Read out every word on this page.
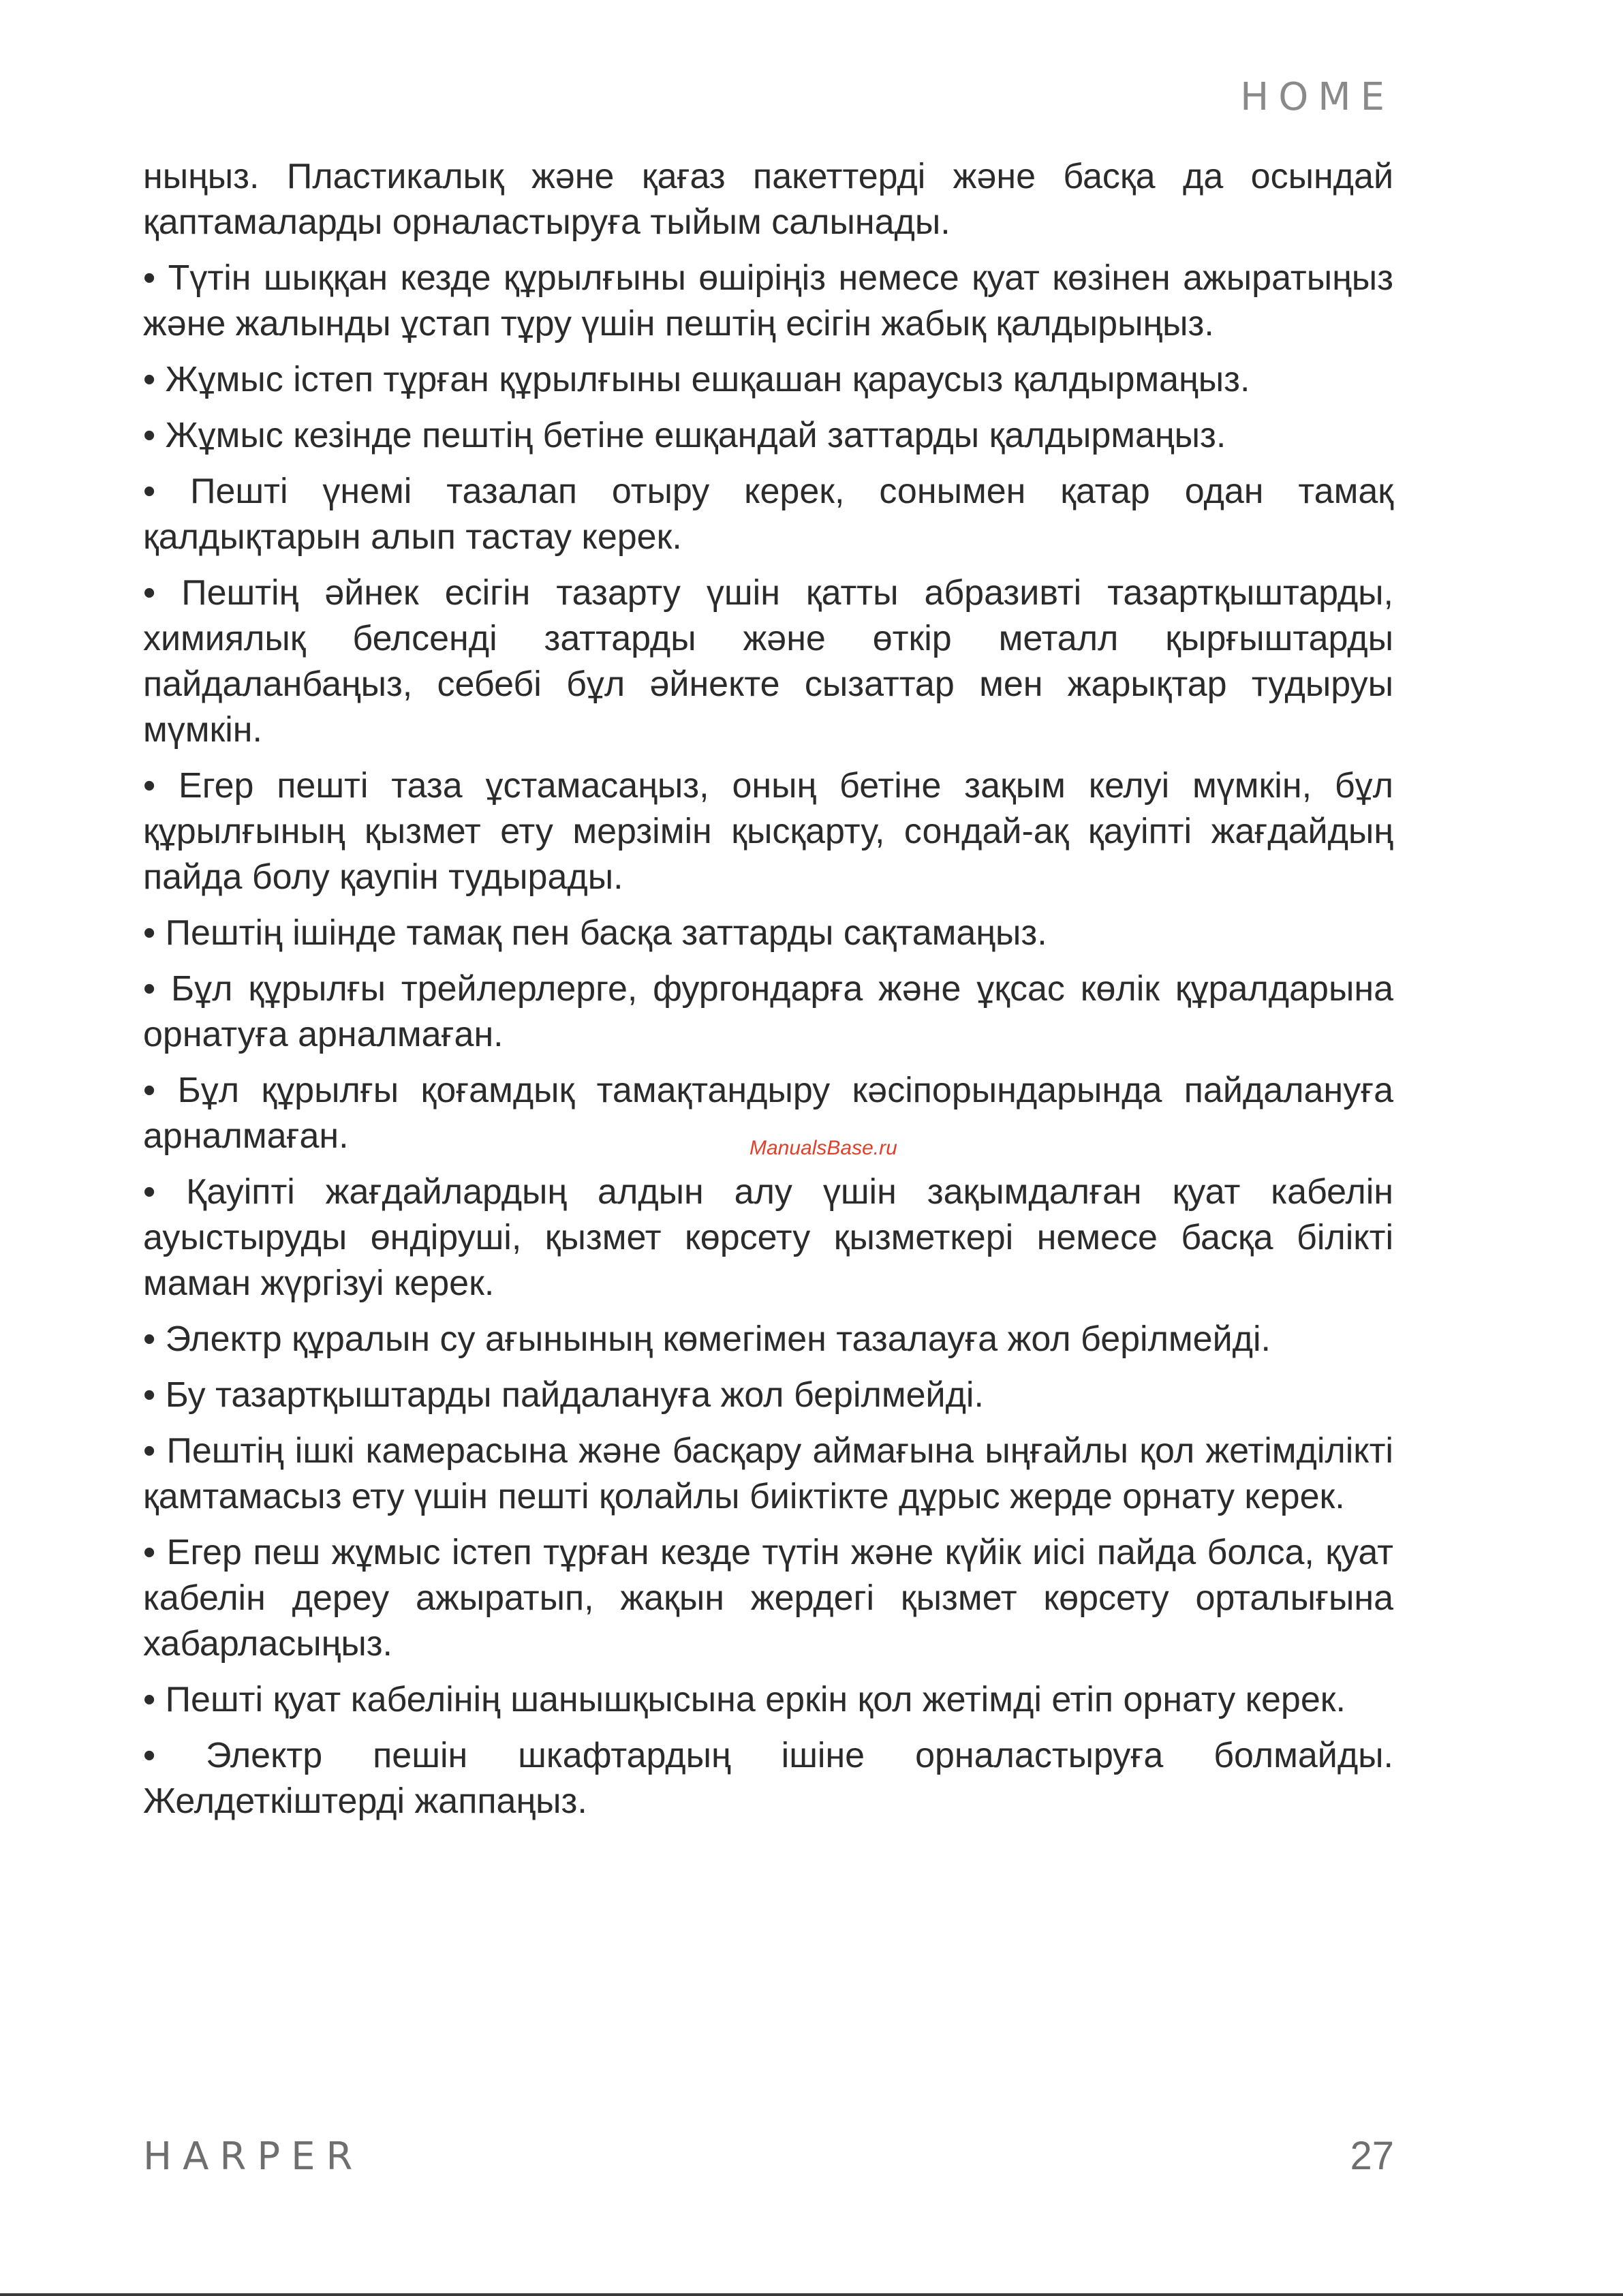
HOME

ныңыз. Пластикалық және қағаз пакеттерді және басқа да осындай қаптамаларды орналастыруға тыйым салынады.

• Түтін шыққан кезде құрылғыны өшіріңіз немесе қуат көзінен ажыратыңыз және жалынды ұстап тұру үшін пештің есігін жабық қалдырыңыз.

• Жұмыс істеп тұрған құрылғыны ешқашан қараусыз қалдырмаңыз.

• Жұмыс кезінде пештің бетіне ешқандай заттарды қалдырмаңыз.

• Пешті үнемі тазалап отыру керек, сонымен қатар одан тамақ қалдықтарын алып тастау керек.

• Пештің әйнек есігін тазарту үшін қатты абразивті тазартқыштарды, химиялық белсенді заттарды және өткір металл қырғыштарды пайдаланбаңыз, себебі бұл әйнекте сызаттар мен жарықтар тудыруы мүмкін.

• Егер пешті таза ұстамасаңыз, оның бетіне зақым келуі мүмкін, бұл құрылғының қызмет ету мерзімін қысқарту, сондай-ақ қауіпті жағдайдың пайда болу қаупін тудырады.

• Пештің ішінде тамақ пен басқа заттарды сақтамаңыз.

• Бұл құрылғы трейлерлерге, фургондарға және ұқсас көлік құралдарына орнатуға арналмаған.

• Бұл құрылғы қоғамдық тамақтандыру кәсіпорындарында пайдалануға арналмаған.

• Қауіпті жағдайлардың алдын алу үшін зақымдалған қуат кабелін ауыстыруды өндіруші, қызмет көрсету қызметкері немесе басқа білікті маман жүргізуі керек.

• Электр құралын су ағынының көмегімен тазалауға жол берілмейді.

• Бу тазартқыштарды пайдалануға жол берілмейді.

• Пештің ішкі камерасына және басқару аймағына ыңғайлы қол жетімділікті қамтамасыз ету үшін пешті қолайлы биіктікте дұрыс жерде орнату керек.

• Егер пеш жұмыс істеп тұрған кезде түтін және күйік иісі пайда болса, қуат кабелін дереу ажыратып, жақын жердегі қызмет көрсету орталығына хабарласыңыз.

• Пешті қуат кабелінің шанышқысына еркін қол жетімді етіп орнату керек.

• Электр пешін шкафтардың ішіне орналастыруға болмайды. Желдеткіштерді жаппаңыз.

ManualsBase.ru
HARPER	27
